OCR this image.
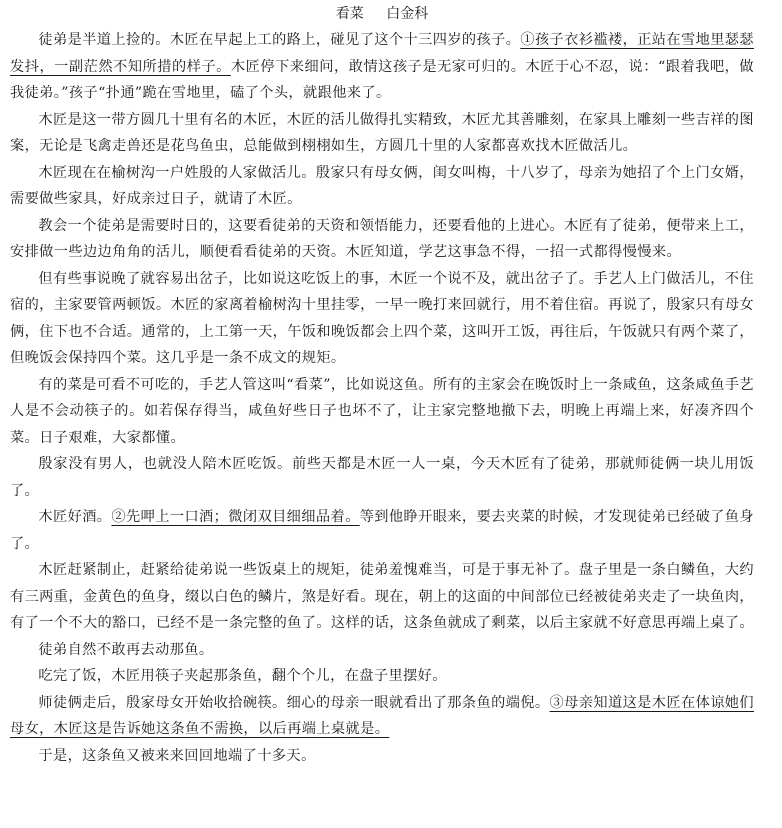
看菜 白金科

徒弟是半道上捡的。木匠在早起上工的路上，碰见了这个十三四岁的孩子。①孩子衣衫褴褛，正站在雪地里瑟瑟发抖，一副茫然不知所措的样子。木匠停下来细问，敢情这孩子是无家可归的。木匠于心不忍，说：“跟着我吧，做我徒弟。”孩子“扑通”跪在雪地里，磕了个头，就跟他来了。

木匠是这一带方圆几十里有名的木匠，木匠的活儿做得扎实精致，木匠尤其善雕刻，在家具上雕刻一些吉祥的图案，无论是飞禽走兽还是花鸟鱼虫，总能做到栩栩如生，方圆几十里的人家都喜欢找木匠做活儿。

木匠现在在榆树沟一户姓殷的人家做活儿。殷家只有母女俩，闺女叫梅，十八岁了，母亲为她招了个上门女婿，需要做些家具，好成亲过日子，就请了木匠。

教会一个徒弟是需要时日的，这要看徒弟的天资和领悟能力，还要看他的上进心。木匠有了徒弟，便带来上工，安排做一些边边角角的活儿，顺便看看徒弟的天资。木匠知道，学艺这事急不得，一招一式都得慢慢来。

但有些事说晚了就容易出岔子，比如说这吃饭上的事，木匠一个说不及，就出岔子了。手艺人上门做活儿，不住宿的，主家要管两顿饭。木匠的家离着榆树沟十里挂零，一早一晚打来回就行，用不着住宿。再说了，殷家只有母女俩，住下也不合适。通常的，上工第一天，午饭和晚饭都会上四个菜，这叫开工饭，再往后，午饭就只有两个菜了，但晚饭会保持四个菜。这几乎是一条不成文的规矩。

有的菜是可看不可吃的，手艺人管这叫“看菜”，比如说这鱼。所有的主家会在晚饭时上一条咸鱼，这条咸鱼手艺人是不会动筷子的。如若保存得当，咸鱼好些日子也坏不了，让主家完整地撤下去，明晚上再端上来，好凑齐四个菜。日子艰难，大家都懂。

殷家没有男人，也就没人陪木匠吃饭。前些天都是木匠一人一桌，今天木匠有了徒弟，那就师徒俩一块儿用饭了。

木匠好酒。②先呷上一口酒；微闭双目细细品着。等到他睁开眼来，要去夹菜的时候，才发现徒弟已经破了鱼身了。

木匠赶紧制止，赶紧给徒弟说一些饭桌上的规矩，徒弟羞愧难当，可是于事无补了。盘子里是一条白鳞鱼，大约有三两重，金黄色的鱼身，缀以白色的鳞片，煞是好看。现在，朝上的这面的中间部位已经被徒弟夹走了一块鱼肉，有了一个不大的豁口，已经不是一条完整的鱼了。这样的话，这条鱼就成了剩菜，以后主家就不好意思再端上桌了。

徒弟自然不敢再去动那鱼。

吃完了饭，木匠用筷子夹起那条鱼，翻个个儿，在盘子里摆好。

师徒俩走后，殷家母女开始收拾碗筷。细心的母亲一眼就看出了那条鱼的端倪。③母亲知道这是木匠在体谅她们母女，木匠这是告诉她这条鱼不需换，以后再端上桌就是。

于是，这条鱼又被来来回回地端了十多天。
